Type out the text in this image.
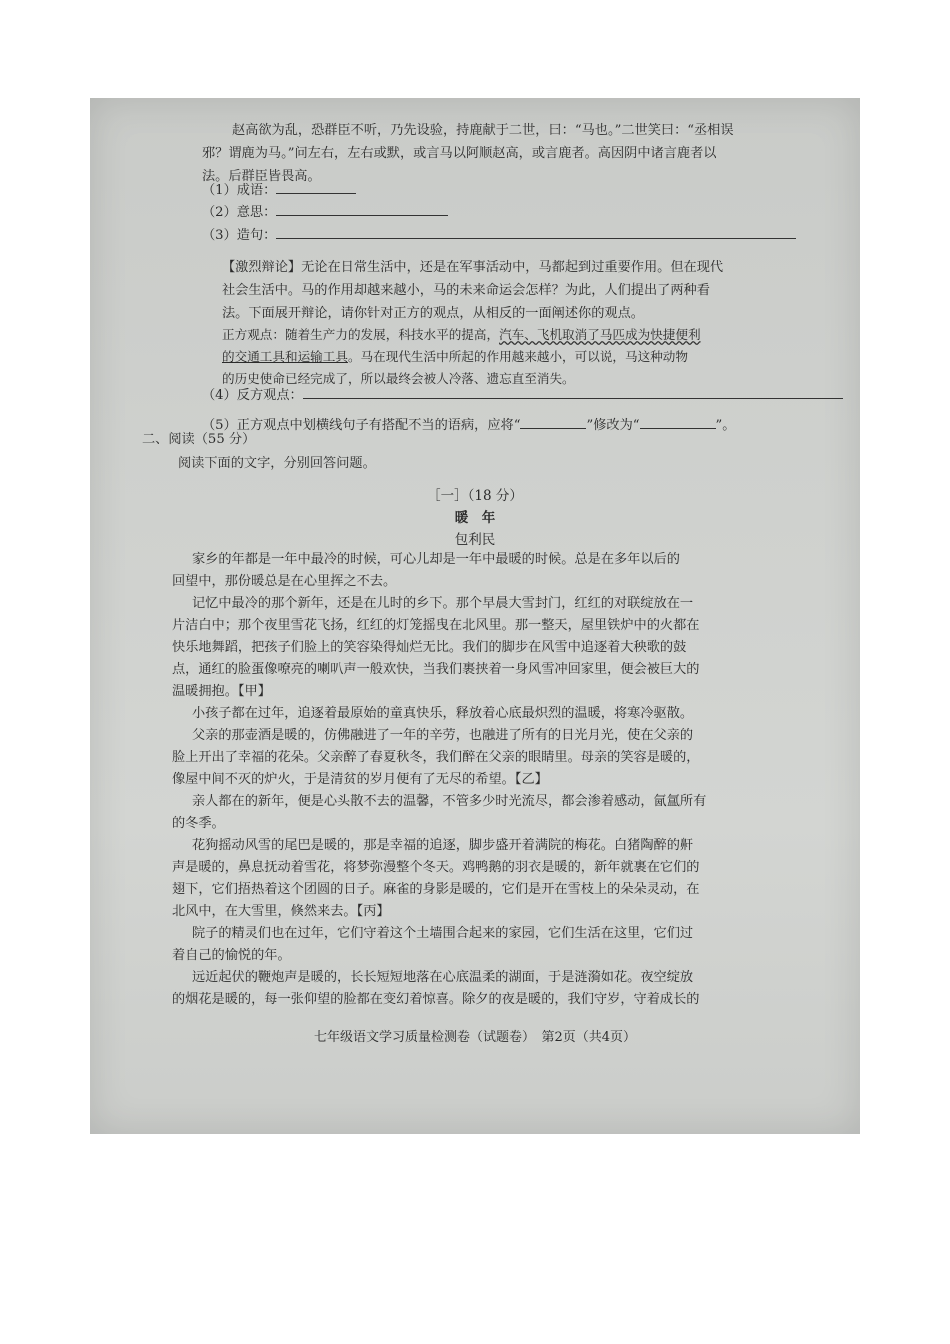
赵高欲为乱，恐群臣不听，乃先设验，持鹿献于二世，曰：“马也。”二世笑曰：“丞相误
邪？谓鹿为马。”问左右，左右或默，或言马以阿顺赵高，或言鹿者。高因阴中诸言鹿者以
法。后群臣皆畏高。
（1）成语：
（2）意思：
（3）造句：
【激烈辩论】无论在日常生活中，还是在军事活动中，马都起到过重要作用。但在现代
社会生活中。马的作用却越来越小，马的未来命运会怎样？为此，人们提出了两种看
法。下面展开辩论，请你针对正方的观点，从相反的一面阐述你的观点。
正方观点：随着生产力的发展，科技水平的提高，汽车、飞机取消了马匹成为快捷便利
的交通工具和运输工具。马在现代生活中所起的作用越来越小，可以说，马这种动物
的历史使命已经完成了，所以最终会被人冷落、遗忘直至消失。
（4）反方观点：
（5）正方观点中划横线句子有搭配不当的语病，应将“	”修改为“	”。
二、阅读（55 分）
阅读下面的文字，分别回答问题。
［一］（18 分）
暖　年
包利民
家乡的年都是一年中最冷的时候，可心儿却是一年中最暖的时候。总是在多年以后的
回望中，那份暖总是在心里挥之不去。
记忆中最冷的那个新年，还是在儿时的乡下。那个早晨大雪封门，红红的对联绽放在一
片洁白中；那个夜里雪花飞扬，红红的灯笼摇曳在北风里。那一整天，屋里铁炉中的火都在
快乐地舞蹈，把孩子们脸上的笑容染得灿烂无比。我们的脚步在风雪中追逐着大秧歌的鼓
点，通红的脸蛋像嘹亮的喇叭声一般欢快，当我们裹挟着一身风雪冲回家里，便会被巨大的
温暖拥抱。【甲】
小孩子都在过年，追逐着最原始的童真快乐，释放着心底最炽烈的温暖，将寒冷驱散。
父亲的那壶酒是暖的，仿佛融进了一年的辛劳，也融进了所有的日光月光，使在父亲的
脸上开出了幸福的花朵。父亲醉了春夏秋冬，我们醉在父亲的眼睛里。母亲的笑容是暖的，
像屋中间不灭的炉火，于是清贫的岁月便有了无尽的希望。【乙】
亲人都在的新年，便是心头散不去的温馨，不管多少时光流尽，都会渗着感动，氤氲所有
的冬季。
花狗摇动风雪的尾巴是暖的，那是幸福的追逐，脚步盛开着满院的梅花。白猪陶醉的鼾
声是暖的，鼻息抚动着雪花，将梦弥漫整个冬天。鸡鸭鹅的羽衣是暖的，新年就裹在它们的
翅下，它们捂热着这个团圆的日子。麻雀的身影是暖的，它们是开在雪枝上的朵朵灵动，在
北风中，在大雪里，倏然来去。【丙】
院子的精灵们也在过年，它们守着这个土墙围合起来的家园，它们生活在这里，它们过
着自己的愉悦的年。
远近起伏的鞭炮声是暖的，长长短短地落在心底温柔的湖面，于是涟漪如花。夜空绽放
的烟花是暖的，每一张仰望的脸都在变幻着惊喜。除夕的夜是暖的，我们守岁，守着成长的
七年级语文学习质量检测卷（试题卷）　第2页（共4页）
